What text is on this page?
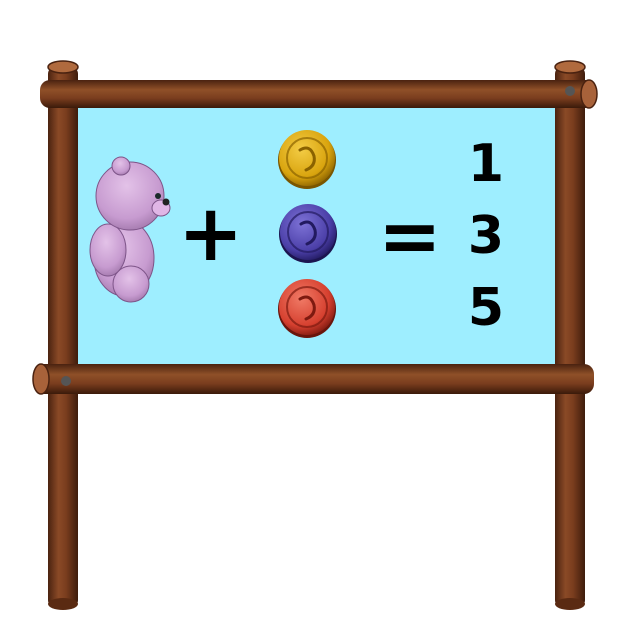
+ =
1
3
5
